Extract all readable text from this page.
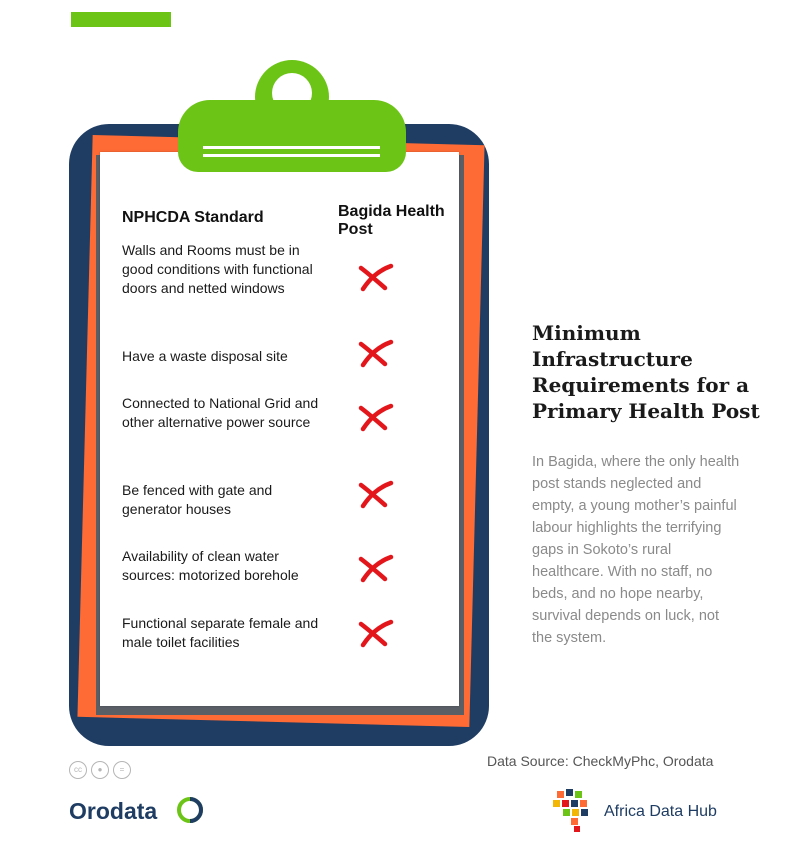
NPHCDA Standard	Bagida Health Post

Walls and Rooms must be in good conditions with functional doors and netted windows

Have a waste disposal site

Connected to National Grid and other alternative power source

Be fenced with gate and generator houses

Availability of clean water sources: motorized borehole

Functional separate female and male toilet facilities

Minimum Infrastructure Requirements for a Primary Health Post

In Bagida, where the only health post stands neglected and empty, a young mother’s painful labour highlights the terrifying gaps in Sokoto’s rural healthcare. With no staff, no beds, and no hope nearby, survival depends on luck, not the system.

cc	●	=
Orodata
Data Source: CheckMyPhc, Orodata
Africa Data Hub
